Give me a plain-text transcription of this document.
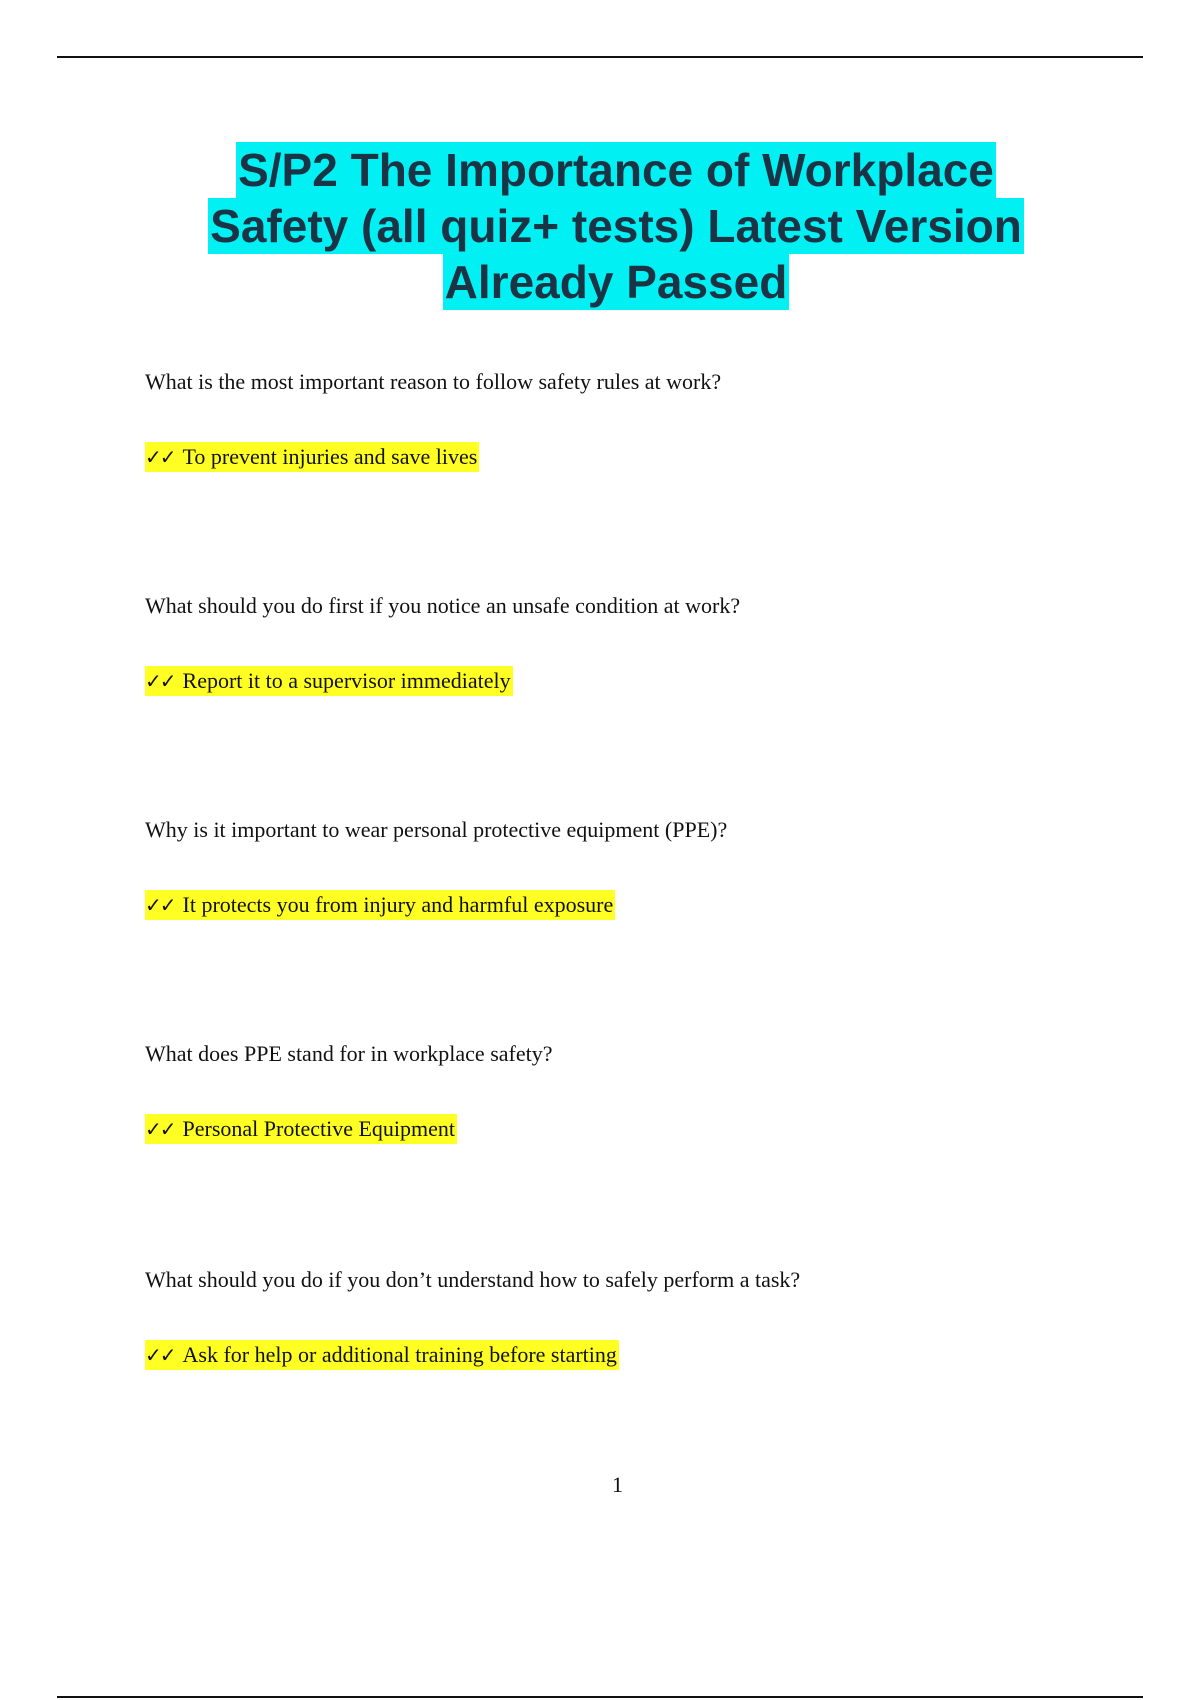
S/P2 The Importance of Workplace
Safety (all quiz+ tests) Latest Version
Already Passed

What is the most important reason to follow safety rules at work?

✓✓ To prevent injuries and save lives

What should you do first if you notice an unsafe condition at work?

✓✓ Report it to a supervisor immediately

Why is it important to wear personal protective equipment (PPE)?

✓✓ It protects you from injury and harmful exposure

What does PPE stand for in workplace safety?

✓✓ Personal Protective Equipment

What should you do if you don’t understand how to safely perform a task?

✓✓ Ask for help or additional training before starting
1
